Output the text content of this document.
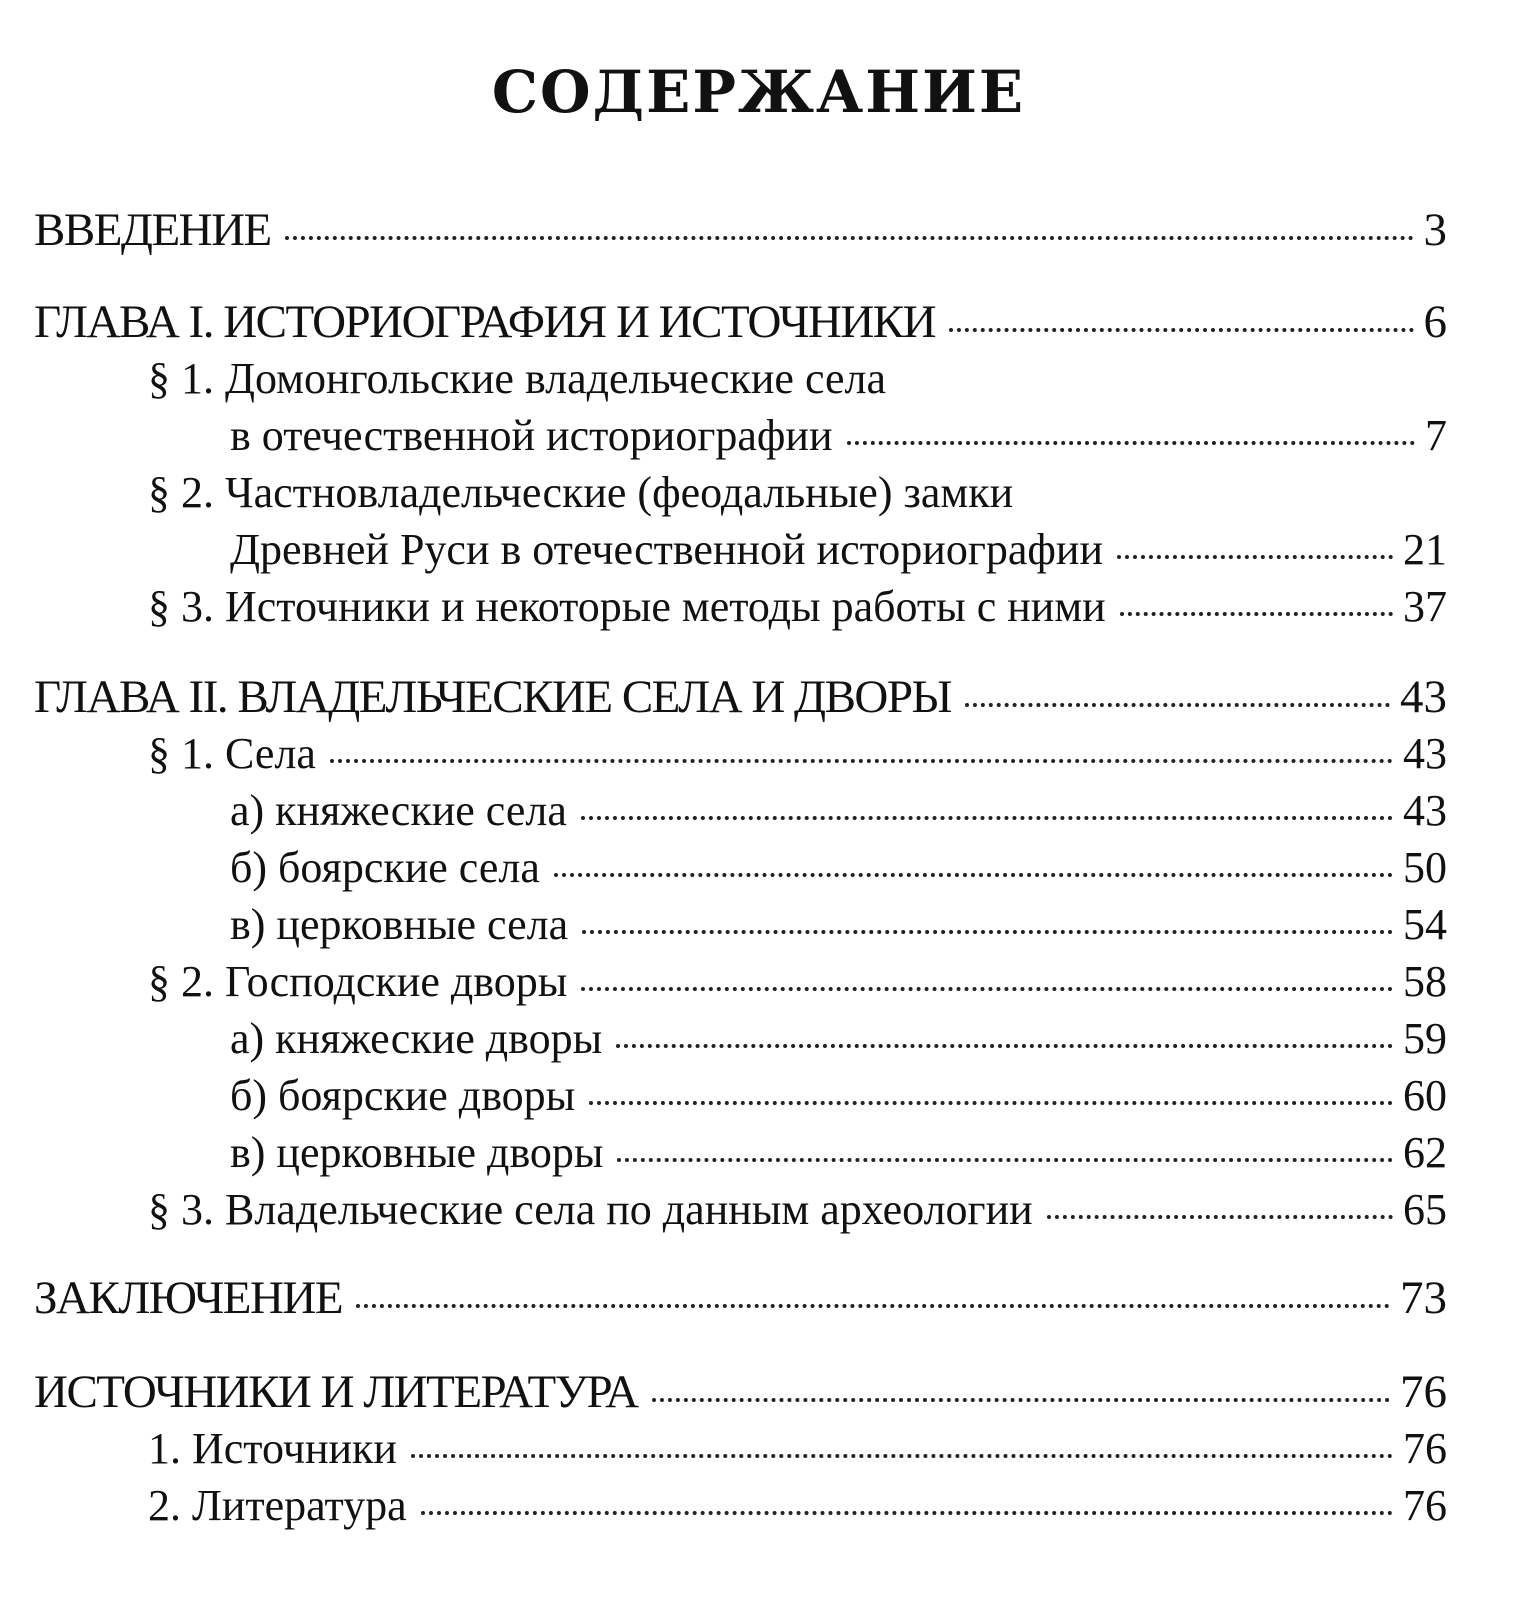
СОДЕРЖАНИЕ
ВВЕДЕНИЕ	3
ГЛАВА I. ИСТОРИОГРАФИЯ И ИСТОЧНИКИ	6
§ 1. Домонгольские владельческие села
в отечественной историографии	7
§ 2. Частновладельческие (феодальные) замки
Древней Руси в отечественной историографии	21
§ 3. Источники и некоторые методы работы с ними	37
ГЛАВА II. ВЛАДЕЛЬЧЕСКИЕ СЕЛА И ДВОРЫ	43
§ 1. Села	43
а) княжеские села	43
б) боярские села	50
в) церковные села	54
§ 2. Господские дворы	58
а) княжеские дворы	59
б) боярские дворы	60
в) церковные дворы	62
§ 3. Владельческие села по данным археологии	65
ЗАКЛЮЧЕНИЕ	73
ИСТОЧНИКИ И ЛИТЕРАТУРА	76
1. Источники	76
2. Литература	76
